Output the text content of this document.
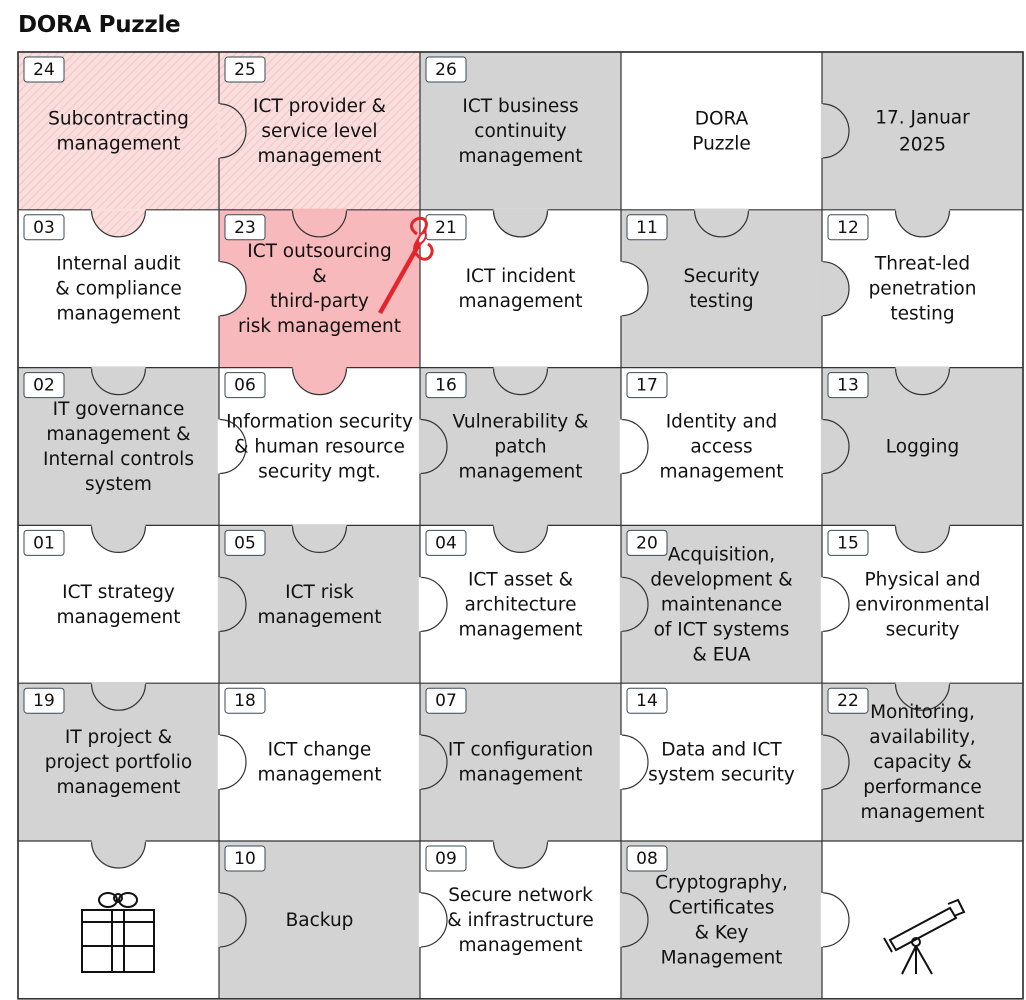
DORA Puzzle
24
Subcontracting
management
25
ICT provider &
service level
management
26
ICT business
continuity
management
DORA
Puzzle
17. Januar
2025
03
Internal audit
& compliance
management
23
ICT outsourcing
&
third-party
risk management
21
ICT incident
management
11
Security
testing
12
Threat-led
penetration
testing
02
IT governance
management &
Internal controls
system
06
Information security
& human resource
security mgt.
16
Vulnerability &
patch
management
17
Identity and
access
management
13
Logging
01
ICT strategy
management
05
ICT risk
management
04
ICT asset &
architecture
management
20
Acquisition,
development &
maintenance
of ICT systems
& EUA
15
Physical and
environmental
security
19
IT project &
project portfolio
management
18
ICT change
management
07
IT configuration
management
14
Data and ICT
system security
22
Monitoring,
availability,
capacity &
performance
management
10
Backup
09
Secure network
& infrastructure
management
08
Cryptography,
Certificates
& Key
Management
